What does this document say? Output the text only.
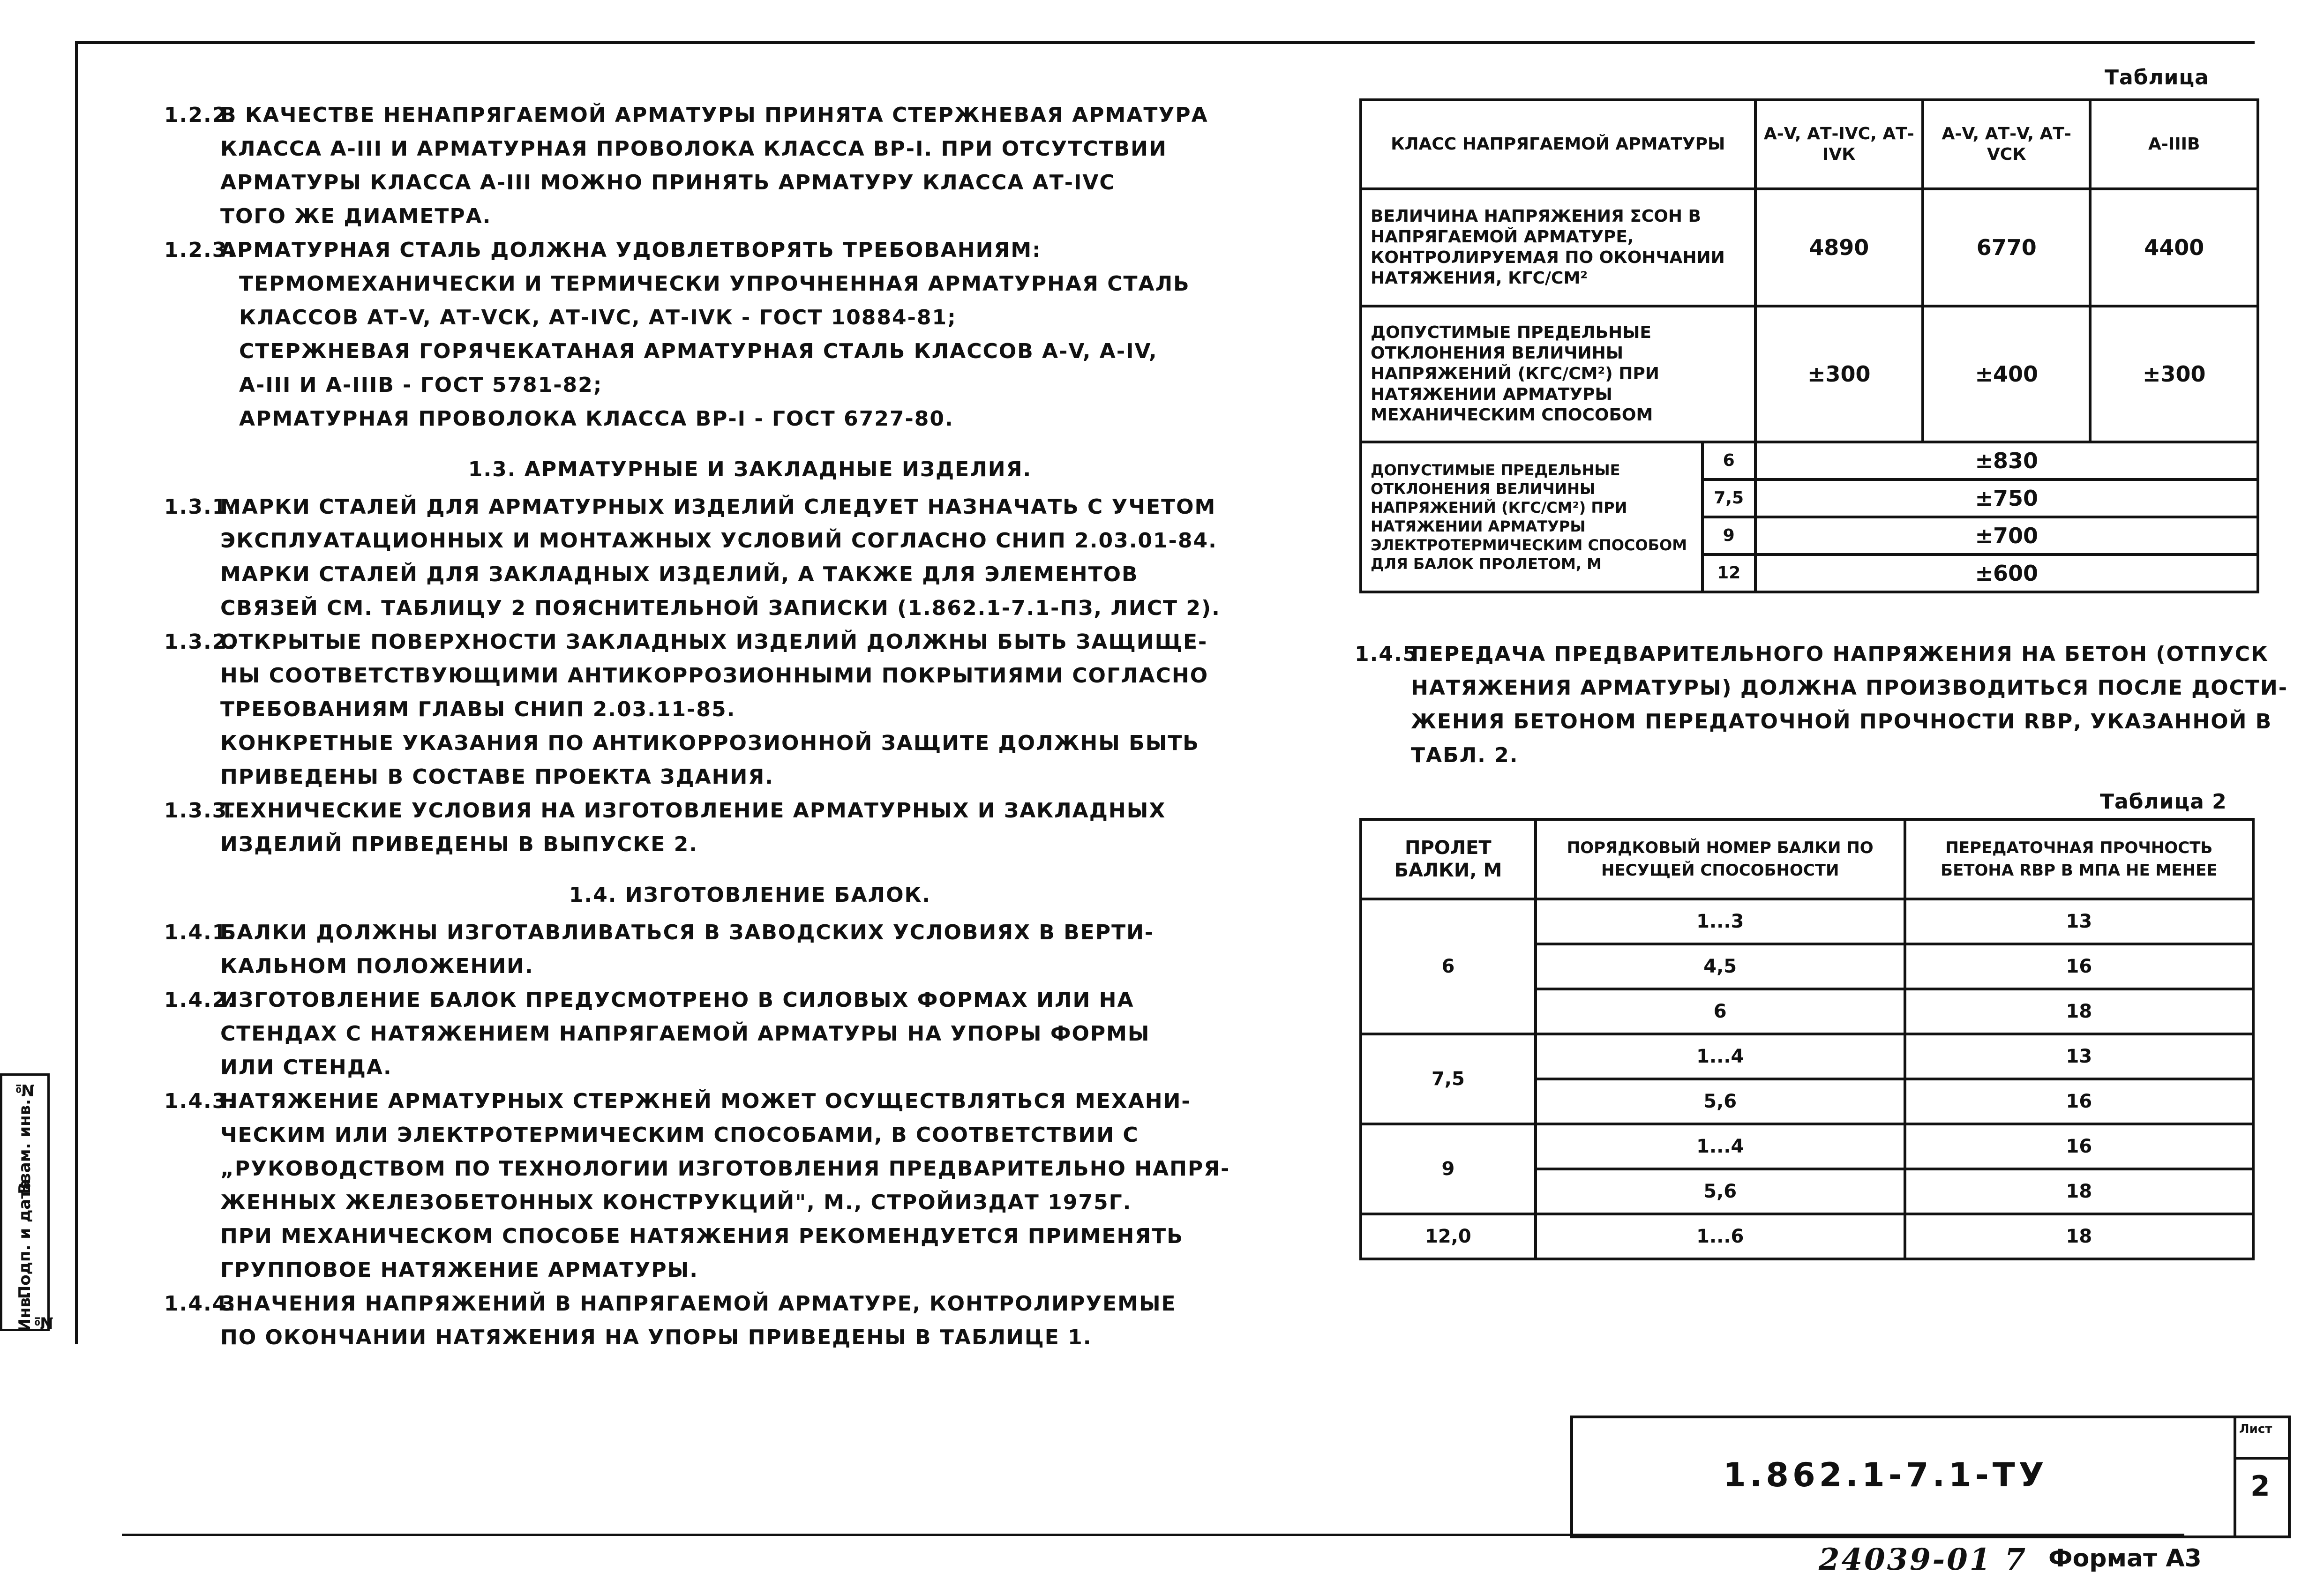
Взам. инв.№
Подп. и дата
Инв.№
1.2.2.В КАЧЕСТВЕ НЕНАПРЯГАЕМОЙ АРМАТУРЫ ПРИНЯТА СТЕРЖНЕВАЯ АРМАТУРА
КЛАССА А-III И АРМАТУРНАЯ ПРОВОЛОКА КЛАССА ВР-I. ПРИ ОТСУТСТВИИ
АРМАТУРЫ КЛАССА А-III МОЖНО ПРИНЯТЬ АРМАТУРУ КЛАССА АТ-IVС
ТОГО ЖЕ ДИАМЕТРА.
1.2.3.АРМАТУРНАЯ СТАЛЬ ДОЛЖНА УДОВЛЕТВОРЯТЬ ТРЕБОВАНИЯМ:
ТЕРМОМЕХАНИЧЕСКИ И ТЕРМИЧЕСКИ УПРОЧНЕННАЯ АРМАТУРНАЯ СТАЛЬ
КЛАССОВ АТ-V, АТ-VСК, АТ-IVС, АТ-IVК - ГОСТ 10884-81;
СТЕРЖНЕВАЯ ГОРЯЧЕКАТАНАЯ АРМАТУРНАЯ СТАЛЬ КЛАССОВ А-V, А-IV,
А-III И А-IIIВ - ГОСТ 5781-82;
АРМАТУРНАЯ ПРОВОЛОКА КЛАССА ВР-I - ГОСТ 6727-80.
1.3. АРМАТУРНЫЕ И ЗАКЛАДНЫЕ ИЗДЕЛИЯ.
1.3.1.МАРКИ СТАЛЕЙ ДЛЯ АРМАТУРНЫХ ИЗДЕЛИЙ СЛЕДУЕТ НАЗНАЧАТЬ С УЧЕТОМ
ЭКСПЛУАТАЦИОННЫХ И МОНТАЖНЫХ УСЛОВИЙ СОГЛАСНО СНИП 2.03.01-84.
МАРКИ СТАЛЕЙ ДЛЯ ЗАКЛАДНЫХ ИЗДЕЛИЙ, А ТАКЖЕ ДЛЯ ЭЛЕМЕНТОВ
СВЯЗЕЙ СМ. ТАБЛИЦУ 2 ПОЯСНИТЕЛЬНОЙ ЗАПИСКИ (1.862.1-7.1-ПЗ, ЛИСТ 2).
1.3.2.ОТКРЫТЫЕ ПОВЕРХНОСТИ ЗАКЛАДНЫХ ИЗДЕЛИЙ ДОЛЖНЫ БЫТЬ ЗАЩИЩЕ-
НЫ СООТВЕТСТВУЮЩИМИ АНТИКОРРОЗИОННЫМИ ПОКРЫТИЯМИ СОГЛАСНО
ТРЕБОВАНИЯМ ГЛАВЫ СНИП 2.03.11-85.
КОНКРЕТНЫЕ УКАЗАНИЯ ПО АНТИКОРРОЗИОННОЙ ЗАЩИТЕ ДОЛЖНЫ БЫТЬ
ПРИВЕДЕНЫ В СОСТАВЕ ПРОЕКТА ЗДАНИЯ.
1.3.3.ТЕХНИЧЕСКИЕ УСЛОВИЯ НА ИЗГОТОВЛЕНИЕ АРМАТУРНЫХ И ЗАКЛАДНЫХ
ИЗДЕЛИЙ ПРИВЕДЕНЫ В ВЫПУСКЕ 2.
1.4. ИЗГОТОВЛЕНИЕ БАЛОК.
1.4.1.БАЛКИ ДОЛЖНЫ ИЗГОТАВЛИВАТЬСЯ В ЗАВОДСКИХ УСЛОВИЯХ В ВЕРТИ-
КАЛЬНОМ ПОЛОЖЕНИИ.
1.4.2.ИЗГОТОВЛЕНИЕ БАЛОК ПРЕДУСМОТРЕНО В СИЛОВЫХ ФОРМАХ ИЛИ НА
СТЕНДАХ С НАТЯЖЕНИЕМ НАПРЯГАЕМОЙ АРМАТУРЫ НА УПОРЫ ФОРМЫ
ИЛИ СТЕНДА.
1.4.3.НАТЯЖЕНИЕ АРМАТУРНЫХ СТЕРЖНЕЙ МОЖЕТ ОСУЩЕСТВЛЯТЬСЯ МЕХАНИ-
ЧЕСКИМ ИЛИ ЭЛЕКТРОТЕРМИЧЕСКИМ СПОСОБАМИ, В СООТВЕТСТВИИ С
„РУКОВОДСТВОМ ПО ТЕХНОЛОГИИ ИЗГОТОВЛЕНИЯ ПРЕДВАРИТЕЛЬНО НАПРЯ-
ЖЕННЫХ ЖЕЛЕЗОБЕТОННЫХ КОНСТРУКЦИЙ", М., СТРОЙИЗДАТ 1975Г.
ПРИ МЕХАНИЧЕСКОМ СПОСОБЕ НАТЯЖЕНИЯ РЕКОМЕНДУЕТСЯ ПРИМЕНЯТЬ
ГРУППОВОЕ НАТЯЖЕНИЕ АРМАТУРЫ.
1.4.4.ЗНАЧЕНИЯ НАПРЯЖЕНИЙ В НАПРЯГАЕМОЙ АРМАТУРЕ, КОНТРОЛИРУЕМЫЕ
ПО ОКОНЧАНИИ НАТЯЖЕНИЯ НА УПОРЫ ПРИВЕДЕНЫ В ТАБЛИЦЕ 1.
Таблица
КЛАСС НАПРЯГАЕМОЙ АРМАТУРЫ		А-V, АТ-IVС, АТ-IVК	А-V, АТ-V, АТ-VСК	А-IIIВ
ВЕЛИЧИНА НАПРЯЖЕНИЯ ΣСОН В НАПРЯГАЕМОЙ АРМАТУРЕ, КОНТРОЛИРУЕМАЯ ПО ОКОНЧАНИИ НАТЯЖЕНИЯ, КГС/СМ²		4890	6770	4400
ДОПУСТИМЫЕ ПРЕДЕЛЬНЫЕ ОТКЛОНЕНИЯ ВЕЛИЧИНЫ НАПРЯЖЕНИЙ (КГС/СМ²) ПРИ НАТЯЖЕНИИ АРМАТУРЫ МЕХАНИЧЕСКИМ СПОСОБОМ		±300	±400	±300
ДОПУСТИМЫЕ ПРЕДЕЛЬНЫЕ ОТКЛОНЕНИЯ ВЕЛИЧИНЫ НАПРЯЖЕНИЙ (КГС/СМ²) ПРИ НАТЯЖЕНИИ АРМАТУРЫ ЭЛЕКТРОТЕРМИЧЕСКИМ СПОСОБОМ ДЛЯ БАЛОК ПРОЛЕТОМ, М	6	±830		
	7,5	±750		
	9	±700		
	12	±600		
1.4.5.ПЕРЕДАЧА ПРЕДВАРИТЕЛЬНОГО НАПРЯЖЕНИЯ НА БЕТОН (ОТПУСК
НАТЯЖЕНИЯ АРМАТУРЫ) ДОЛЖНА ПРОИЗВОДИТЬСЯ ПОСЛЕ ДОСТИ-
ЖЕНИЯ БЕТОНОМ ПЕРЕДАТОЧНОЙ ПРОЧНОСТИ RВР, УКАЗАННОЙ В
ТАБЛ. 2.
Таблица 2
ПРОЛЕТ БАЛКИ, М	ПОРЯДКОВЫЙ НОМЕР БАЛКИ ПО НЕСУЩЕЙ СПОСОБНОСТИ	ПЕРЕДАТОЧНАЯ ПРОЧНОСТЬ БЕТОНА RВР В МПА НЕ МЕНЕЕ
6	1...3	13
	4,5	16
	6	18
7,5	1...4	13
	5,6	16
9	1...4	16
	5,6	18
12,0	1...6	18
1.862.1-7.1-ТУ
Лист
2
24039-01 7 Формат А3
